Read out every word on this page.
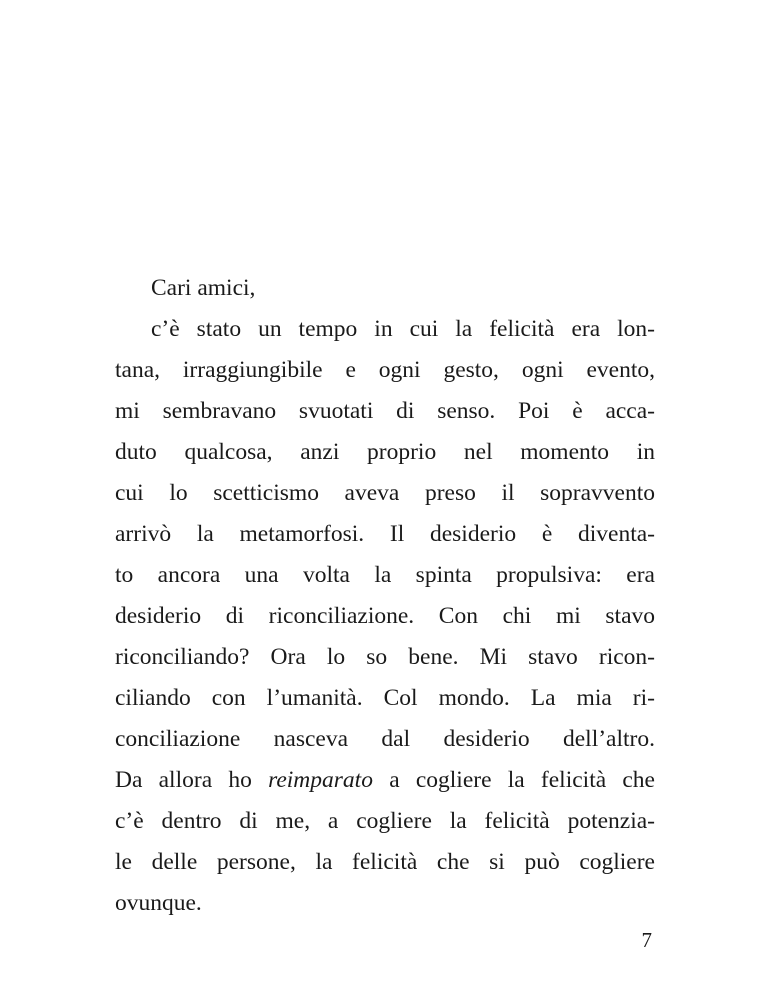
Cari amici,
c’è stato un tempo in cui la felicità era lon-
tana, irraggiungibile e ogni gesto, ogni evento,
mi sembravano svuotati di senso. Poi è acca-
duto qualcosa, anzi proprio nel momento in
cui lo scetticismo aveva preso il sopravvento
arrivò la metamorfosi. Il desiderio è diventa-
to ancora una volta la spinta propulsiva: era
desiderio di riconciliazione. Con chi mi stavo
riconciliando? Ora lo so bene. Mi stavo ricon-
ciliando con l’umanità. Col mondo. La mia ri-
conciliazione nasceva dal desiderio dell’altro.
Da allora ho reimparato a cogliere la felicità che
c’è dentro di me, a cogliere la felicità potenzia-
le delle persone, la felicità che si può cogliere
ovunque.
7
